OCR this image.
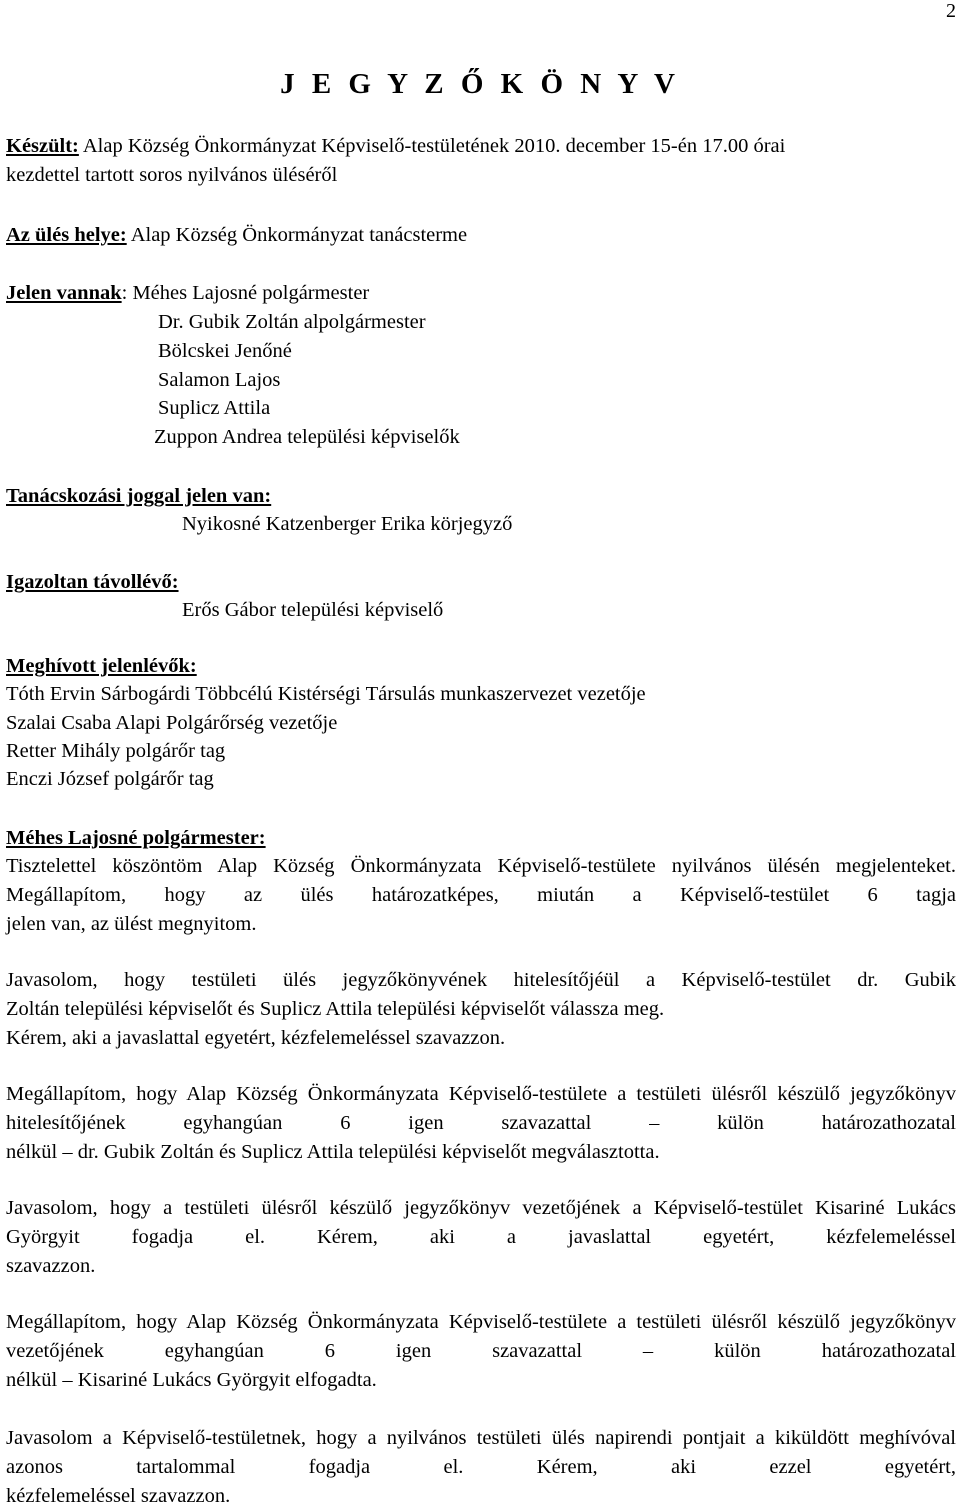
2
J E G Y Z Ő K Ö N Y V
Készült: Alap Község Önkormányzat Képviselő-testületének 2010. december 15-én 17.00 órai
kezdettel tartott soros nyilvános üléséről
Az ülés helye: Alap Község Önkormányzat tanácsterme
Jelen vannak: Méhes Lajosné polgármester
Dr. Gubik Zoltán alpolgármester
Bölcskei Jenőné
Salamon Lajos
Suplicz Attila
Zuppon Andrea települési képviselők
Tanácskozási joggal jelen van:
Nyikosné Katzenberger Erika körjegyző
Igazoltan távollévő:
Erős Gábor települési képviselő
Meghívott jelenlévők:
Tóth Ervin Sárbogárdi Többcélú Kistérségi Társulás munkaszervezet vezetője
Szalai Csaba Alapi Polgárőrség vezetője
Retter Mihály polgárőr tag
Enczi József polgárőr tag
Méhes Lajosné polgármester:

Tisztelettel köszöntöm Alap Község Önkormányzata Képviselő-testülete nyilvános ülésén megjelenteket. Megállapítom, hogy az ülés határozatképes, miután a Képviselő-testület 6 tagja

jelen van, az ülést megnyitom.

Javasolom, hogy testületi ülés jegyzőkönyvének hitelesítőjéül a Képviselő-testület dr. Gubik

Zoltán települési képviselőt és Suplicz Attila települési képviselőt válassza meg.
Kérem, aki a javaslattal egyetért, kézfelemeléssel szavazzon.

Megállapítom, hogy Alap Község Önkormányzata Képviselő-testülete a testületi ülésről készülő jegyzőkönyv hitelesítőjének egyhangúan 6 igen szavazattal – külön határozathozatal

nélkül – dr. Gubik Zoltán és Suplicz Attila települési képviselőt megválasztotta.

Javasolom, hogy a testületi ülésről készülő jegyzőkönyv vezetőjének a Képviselő-testület Kisariné Lukács Györgyit fogadja el. Kérem, aki a javaslattal egyetért, kézfelemeléssel

szavazzon.

Megállapítom, hogy Alap Község Önkormányzata Képviselő-testülete a testületi ülésről készülő jegyzőkönyv vezetőjének egyhangúan 6 igen szavazattal – külön határozathozatal

nélkül – Kisariné Lukács Györgyit elfogadta.

Javasolom a Képviselő-testületnek, hogy a nyilvános testületi ülés napirendi pontjait a kiküldött meghívóval azonos tartalommal fogadja el. Kérem, aki ezzel egyetért,

kézfelemeléssel szavazzon.
